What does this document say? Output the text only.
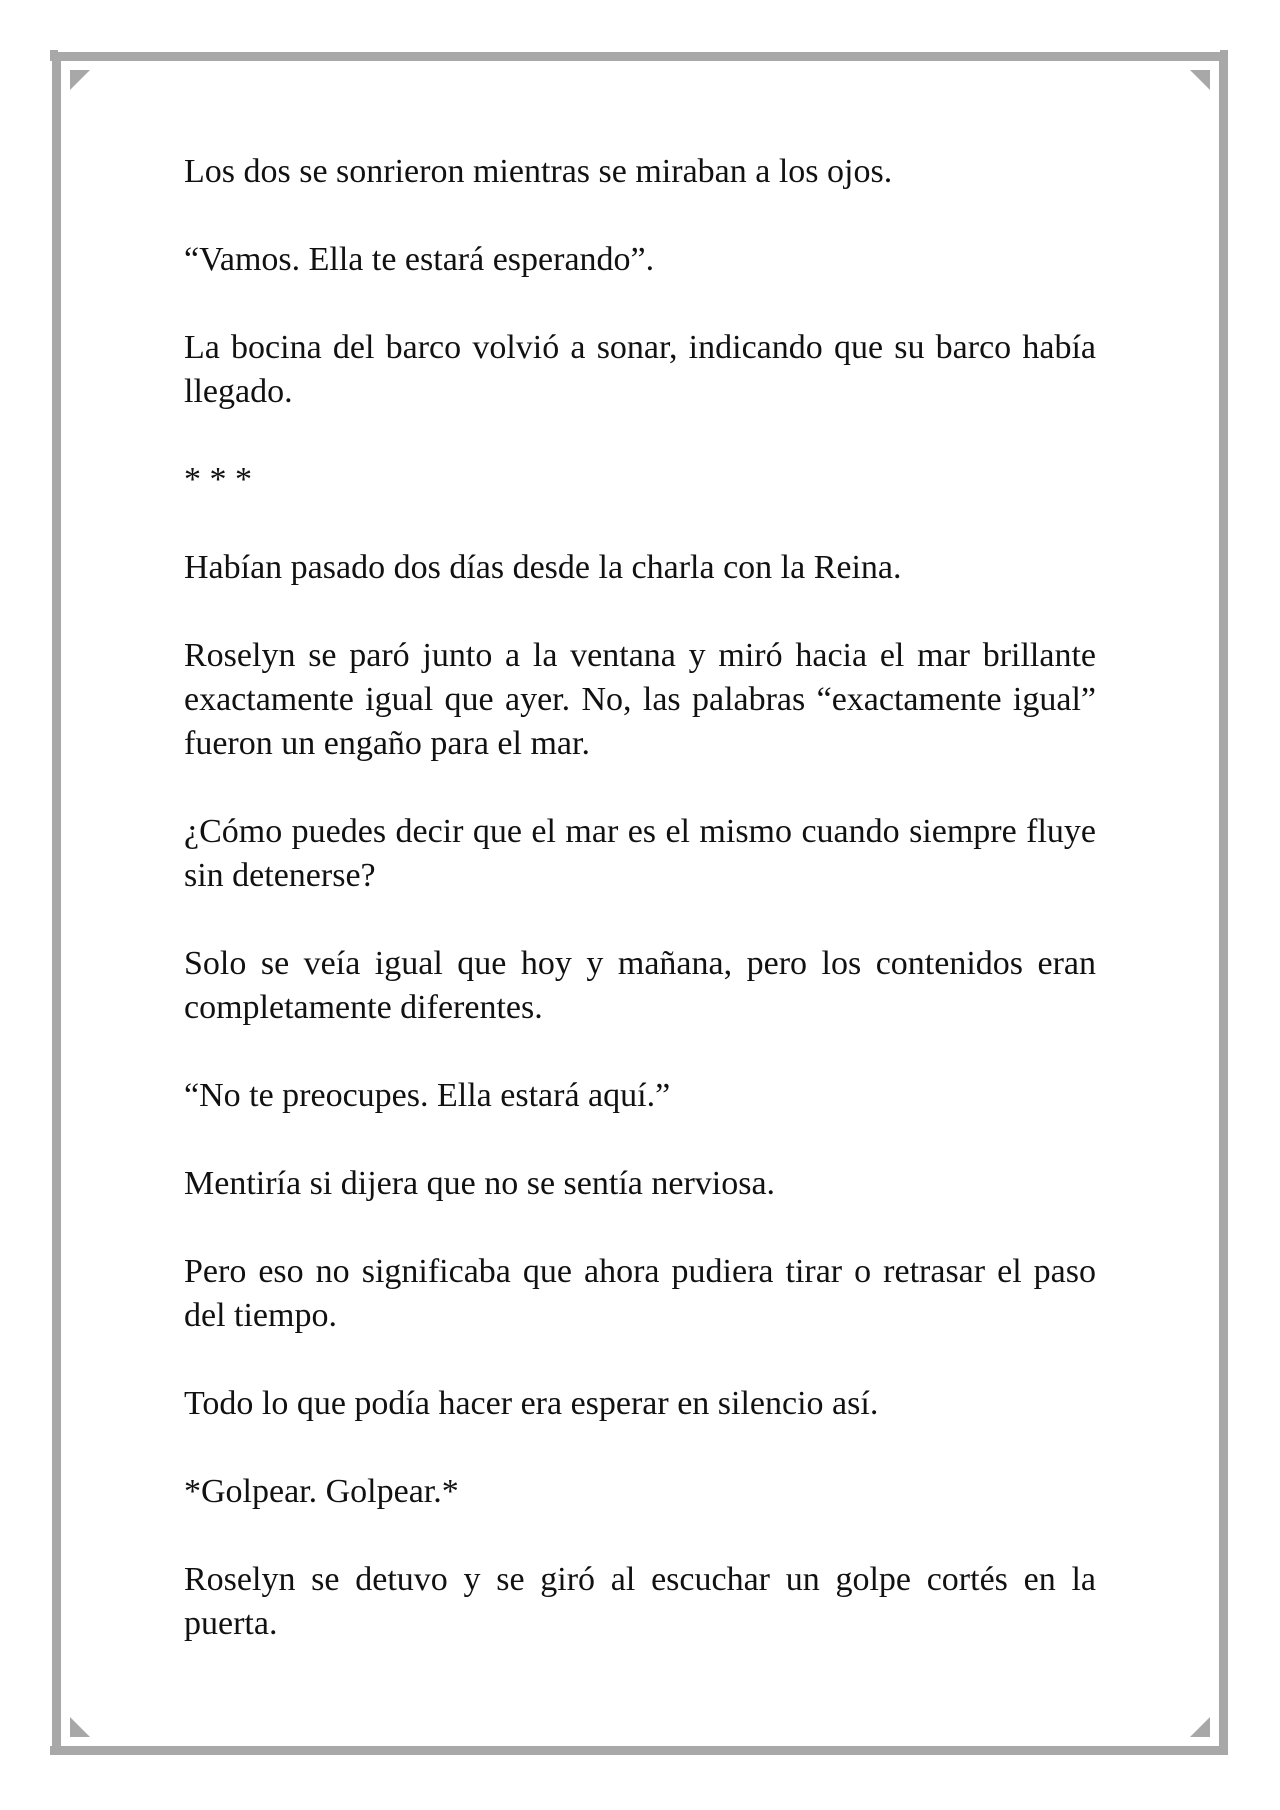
Los dos se sonrieron mientras se miraban a los ojos.

“Vamos. Ella te estará esperando”.

La bocina del barco volvió a sonar, indicando que su barco había llegado.

* * *

Habían pasado dos días desde la charla con la Reina.

Roselyn se paró junto a la ventana y miró hacia el mar brillante exactamente igual que ayer. No, las palabras “exactamente igual” fueron un engaño para el mar.

¿Cómo puedes decir que el mar es el mismo cuando siempre fluye sin detenerse?

Solo se veía igual que hoy y mañana, pero los contenidos eran completamente diferentes.

“No te preocupes. Ella estará aquí.”

Mentiría si dijera que no se sentía nerviosa.

Pero eso no significaba que ahora pudiera tirar o retrasar el paso del tiempo.

Todo lo que podía hacer era esperar en silencio así.

*Golpear. Golpear.*

Roselyn se detuvo y se giró al escuchar un golpe cortés en la puerta.
